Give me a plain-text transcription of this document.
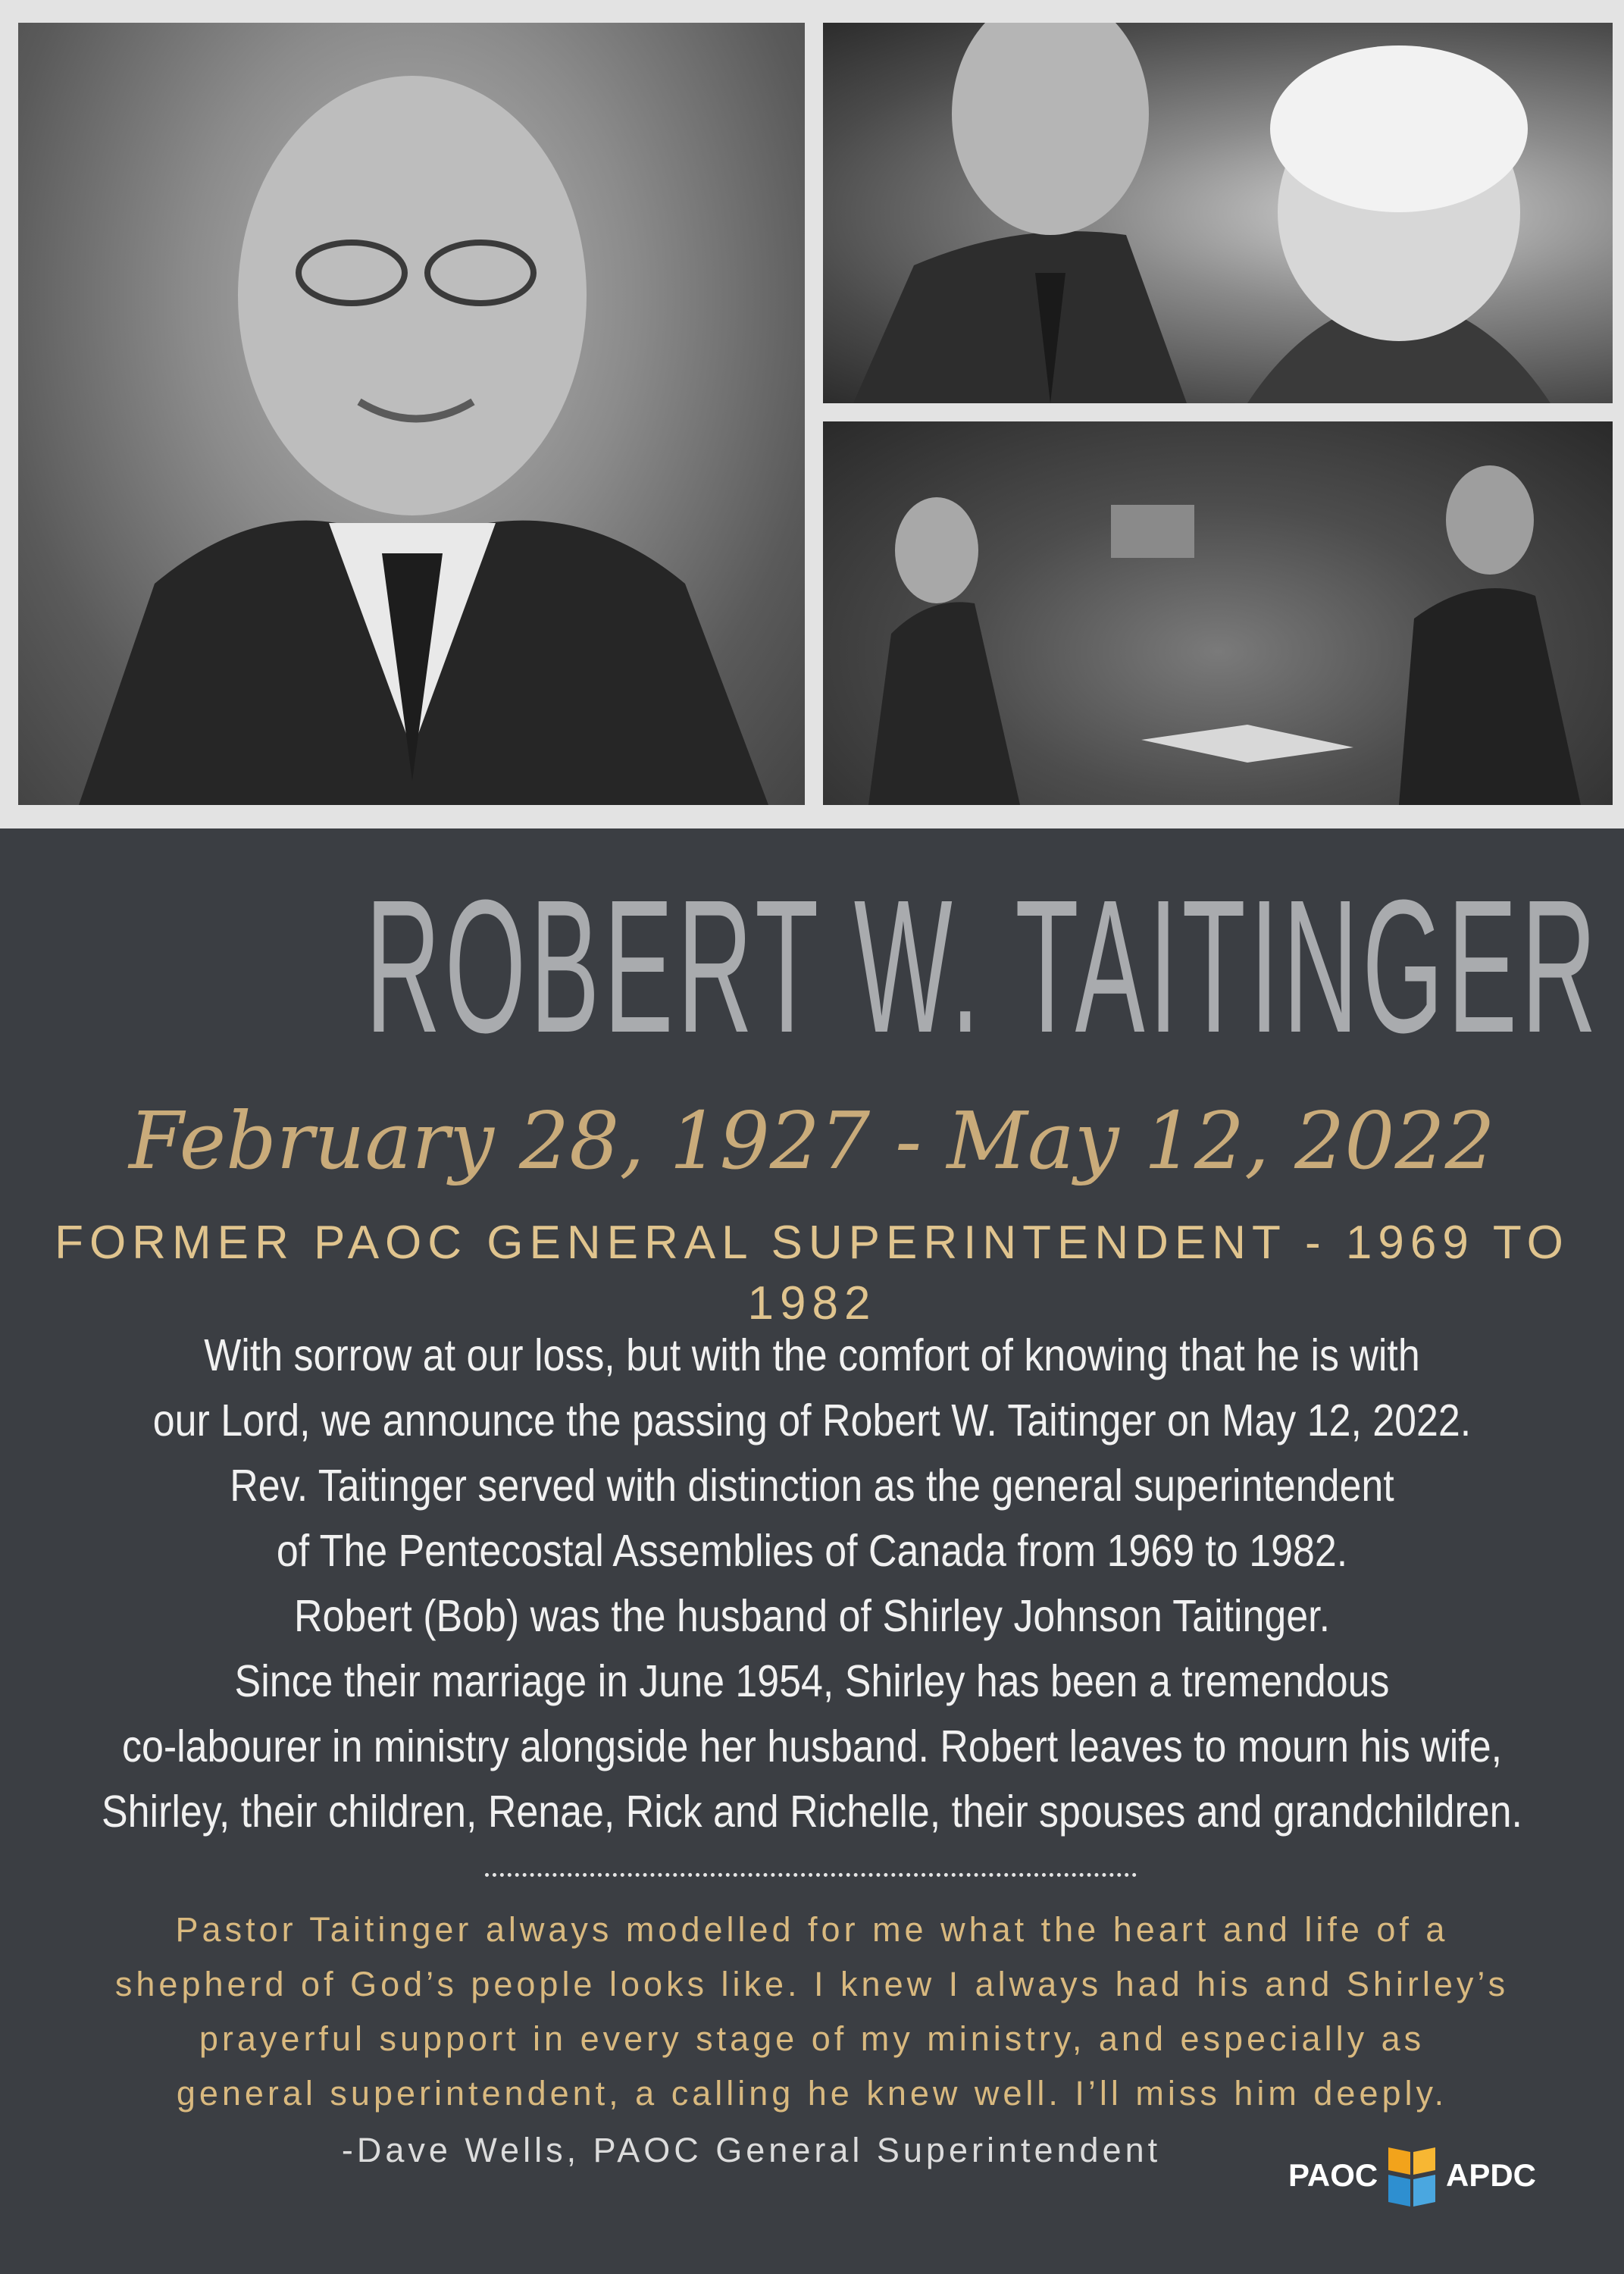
ROBERT W. TAITINGER
February 28, 1927 - May 12, 2022
FORMER PAOC GENERAL SUPERINTENDENT - 1969 TO 1982
With sorrow at our loss, but with the comfort of knowing that he is with
our Lord, we announce the passing of Robert W. Taitinger on May 12, 2022.
Rev. Taitinger served with distinction as the general superintendent
of The Pentecostal Assemblies of Canada from 1969 to 1982.
Robert (Bob) was the husband of Shirley Johnson Taitinger.
Since their marriage in June 1954, Shirley has been a tremendous
co-labourer in ministry alongside her husband. Robert leaves to mourn his wife,
Shirley, their children, Renae, Rick and Richelle, their spouses and grandchildren.
Pastor Taitinger always modelled for me what the heart and life of a
shepherd of God’s people looks like. I knew I always had his and Shirley’s
prayerful support in every stage of my ministry, and especially as
general superintendent, a calling he knew well. I’ll miss him deeply.
-Dave Wells, PAOC General Superintendent
PAOC APDC
